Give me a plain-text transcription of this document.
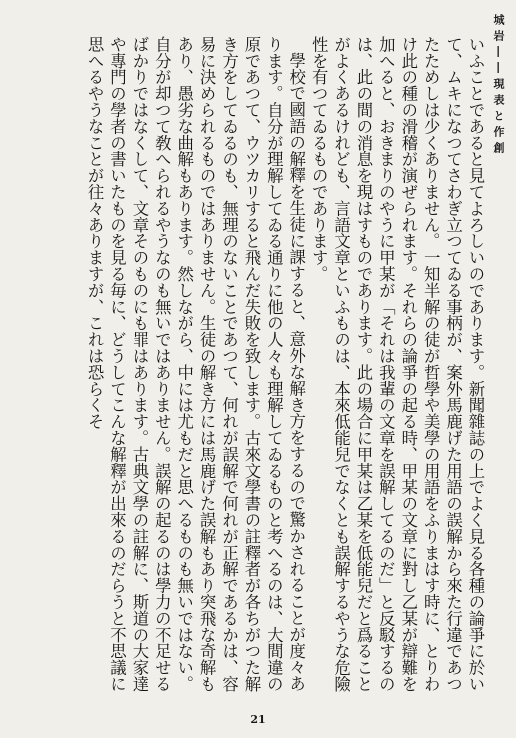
城岩――現表と作創

いふことであると見てよろしいのであります。新聞雜誌の上でよく見る各種の論爭に於いて、ムキになつてさわぎ立つてゐる事柄が、案外馬鹿げた用語の誤解から來た行違であつたためしは少くありません。一知半解の徒が哲學や美學の用語をふりまはす時に、とりわけ此の種の滑稽が演ぜられます。それらの論爭の起る時、甲某の文章に對し乙某が辯難を加へると、おきまりのやうに甲某が「それは我輩の文章を誤解してるのだ」と反駁するのは、此の間の消息を現はすものであります。此の場合に甲某は乙某を低能兒だと爲ることがよくあるけれども、言語文章といふものは、本來低能兒でなくとも誤解するやうな危險性を有つてゐるものであります。

學校で國語の解釋を生徒に課すると、意外な解き方をするので驚かされることが度々あります。自分が理解してゐる通りに他の人々も理解してゐるものと考へるのは、大間違の原であつて、ウツカリすると飛んだ失敗を致します。古來文學書の註釋者が各ちがつた解き方をしてゐるのも、無理のないことであつて、何れが誤解で何れが正解であるかは、容易に決められるものではありません。生徒の解き方には馬鹿げた誤解もあり突飛な奇解もあり、愚劣な曲解もあります。然しながら、中には尤もだと思へるものも無いではない。自分が却つて敎へられるやうなのも無いではありません。誤解の起るのは學力の不足せるばかりではなくして、文章そのものにも罪はあります。古典文學の註解に、斯道の大家達や專門の學者の書いたものを見る毎に、どうしてこんな解釋が出來るのだらうと不思議に思へるやうなことが往々ありますが、これは恐らくそ

21
